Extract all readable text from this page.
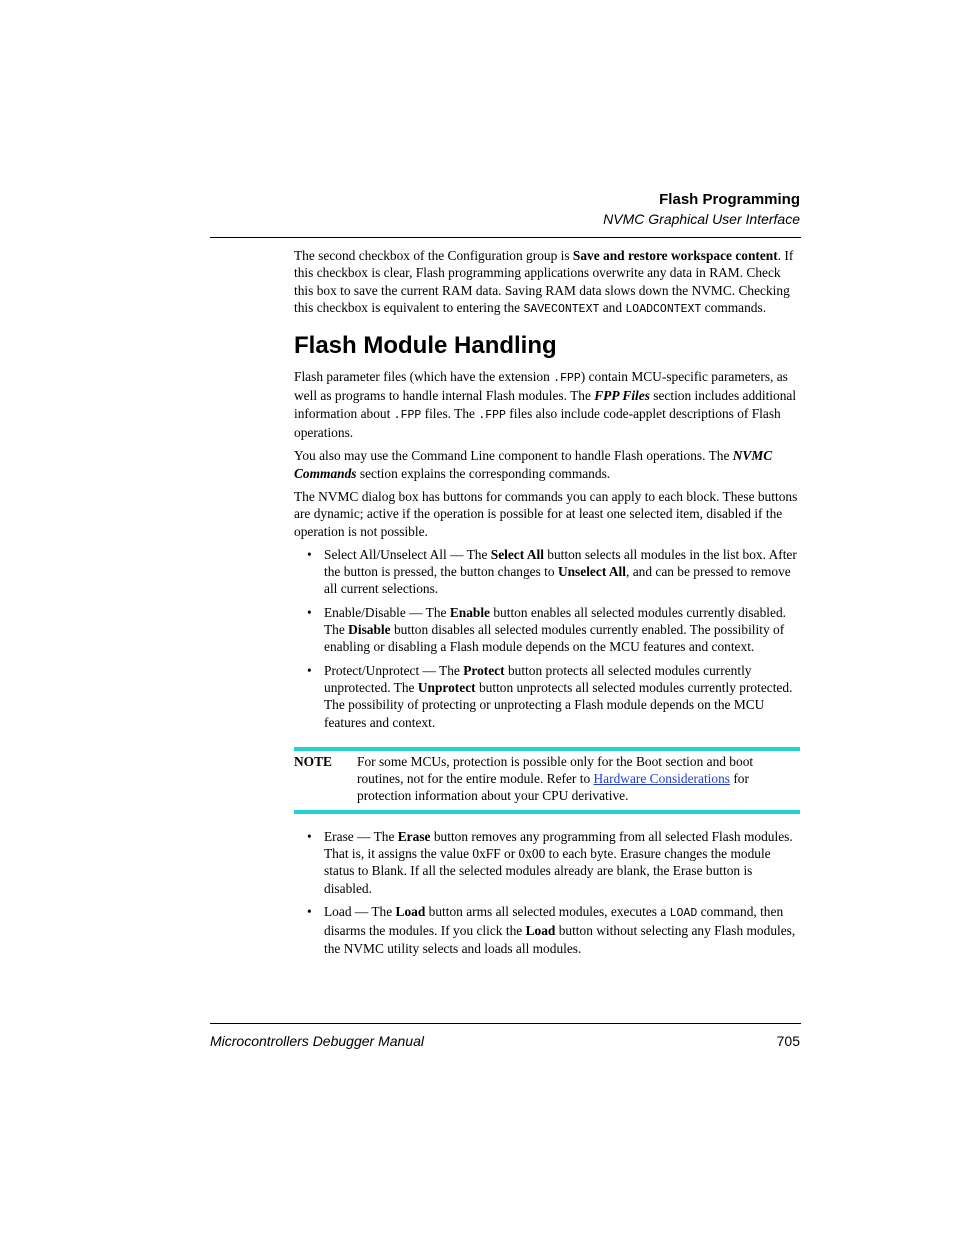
Flash Programming
NVMC Graphical User Interface

The second checkbox of the Configuration group is Save and restore workspace content. If this checkbox is clear, Flash programming applications overwrite any data in RAM. Check this box to save the current RAM data. Saving RAM data slows down the NVMC. Checking this checkbox is equivalent to entering the SAVECONTEXT and LOADCONTEXT commands.

Flash Module Handling

Flash parameter files (which have the extension .FPP) contain MCU-specific parameters, as well as programs to handle internal Flash modules. The FPP Files section includes additional information about .FPP files. The .FPP files also include code-applet descriptions of Flash operations.

You also may use the Command Line component to handle Flash operations. The NVMC Commands section explains the corresponding commands.

The NVMC dialog box has buttons for commands you can apply to each block. These buttons are dynamic; active if the operation is possible for at least one selected item, disabled if the operation is not possible.

• Select All/Unselect All — The Select All button selects all modules in the list box. After the button is pressed, the button changes to Unselect All, and can be pressed to remove all current selections.
• Enable/Disable — The Enable button enables all selected modules currently disabled. The Disable button disables all selected modules currently enabled. The possibility of enabling or disabling a Flash module depends on the MCU features and context.
• Protect/Unprotect — The Protect button protects all selected modules currently unprotected. The Unprotect button unprotects all selected modules currently protected. The possibility of protecting or unprotecting a Flash module depends on the MCU features and context.
NOTE	For some MCUs, protection is possible only for the Boot section and boot routines, not for the entire module. Refer to Hardware Considerations for protection information about your CPU derivative.
• Erase — The Erase button removes any programming from all selected Flash modules. That is, it assigns the value 0xFF or 0x00 to each byte. Erasure changes the module status to Blank. If all the selected modules already are blank, the Erase button is disabled.
• Load — The Load button arms all selected modules, executes a LOAD command, then disarms the modules. If you click the Load button without selecting any Flash modules, the NVMC utility selects and loads all modules.
Microcontrollers Debugger Manual	705
